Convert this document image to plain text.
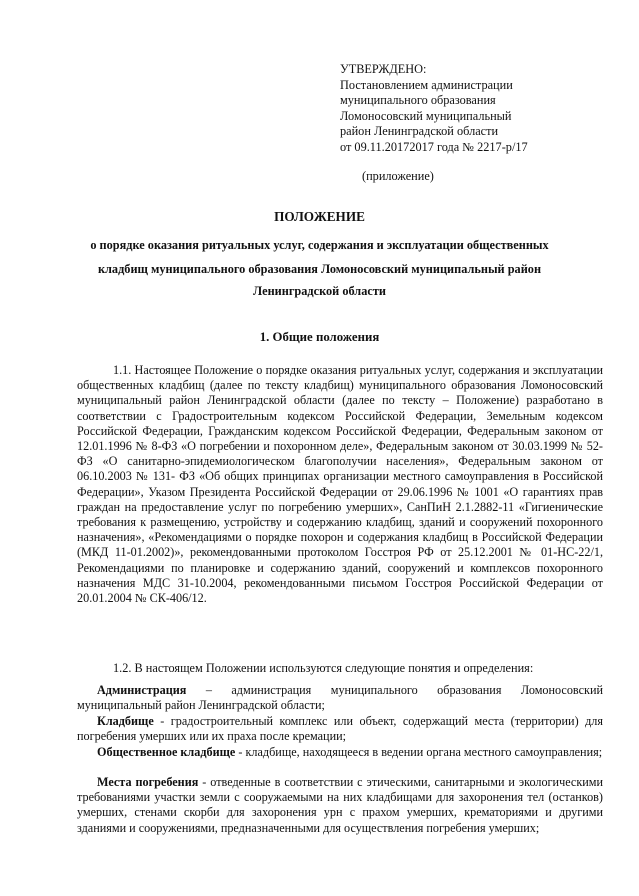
УТВЕРЖДЕНО:
Постановлением администрации
муниципального образования
Ломоносовский муниципальный
район Ленинградской области
от 09.11.20172017 года № 2217-р/17
(приложение)
ПОЛОЖЕНИЕ
о порядке оказания ритуальных услуг, содержания и эксплуатации общественных
кладбищ муниципального образования Ломоносовский муниципальный район
Ленинградской области
1. Общие положения
1.1. Настоящее Положение о порядке оказания ритуальных услуг, содержания и эксплуатации общественных кладбищ (далее по тексту кладбищ) муниципального образования Ломоносовский муниципальный район Ленинградской области (далее по тексту – Положение) разработано в соответствии с Градостроительным кодексом Российской Федерации, Земельным кодексом Российской Федерации, Гражданским кодексом Российской Федерации, Федеральным законом от 12.01.1996 № 8-ФЗ «О погребении и похоронном деле», Федеральным законом от 30.03.1999 № 52-ФЗ «О санитарно-эпидемиологическом благополучии населения», Федеральным законом от 06.10.2003 № 131- ФЗ «Об общих принципах организации местного самоуправления в Российской Федерации», Указом Президента Российской Федерации от 29.06.1996 № 1001 «О гарантиях прав граждан на предоставление услуг по погребению умерших», СанПиН 2.1.2882-11 «Гигиенические требования к размещению, устройству и содержанию кладбищ, зданий и сооружений похоронного назначения», «Рекомендациями о порядке похорон и содержания кладбищ в Российской Федерации (МКД 11-01.2002)», рекомендованными протоколом Госстроя РФ от 25.12.2001 № 01-НС-22/1, Рекомендациями по планировке и содержанию зданий, сооружений и комплексов похоронного назначения МДС 31-10.2004, рекомендованными письмом Госстроя Российской Федерации от 20.01.2004 № СК-406/12.
1.2. В настоящем Положении используются следующие понятия и определения:
Администрация – администрация муниципального образования Ломоносовский муниципальный район Ленинградской области;
Кладбище - градостроительный комплекс или объект, содержащий места (территории) для погребения умерших или их праха после кремации;
Общественное кладбище - кладбище, находящееся в ведении органа местного самоуправления;
Места погребения - отведенные в соответствии с этическими, санитарными и экологическими требованиями участки земли с сооружаемыми на них кладбищами для захоронения тел (останков) умерших, стенами скорби для захоронения урн с прахом умерших, крематориями и другими зданиями и сооружениями, предназначенными для осуществления погребения умерших;
